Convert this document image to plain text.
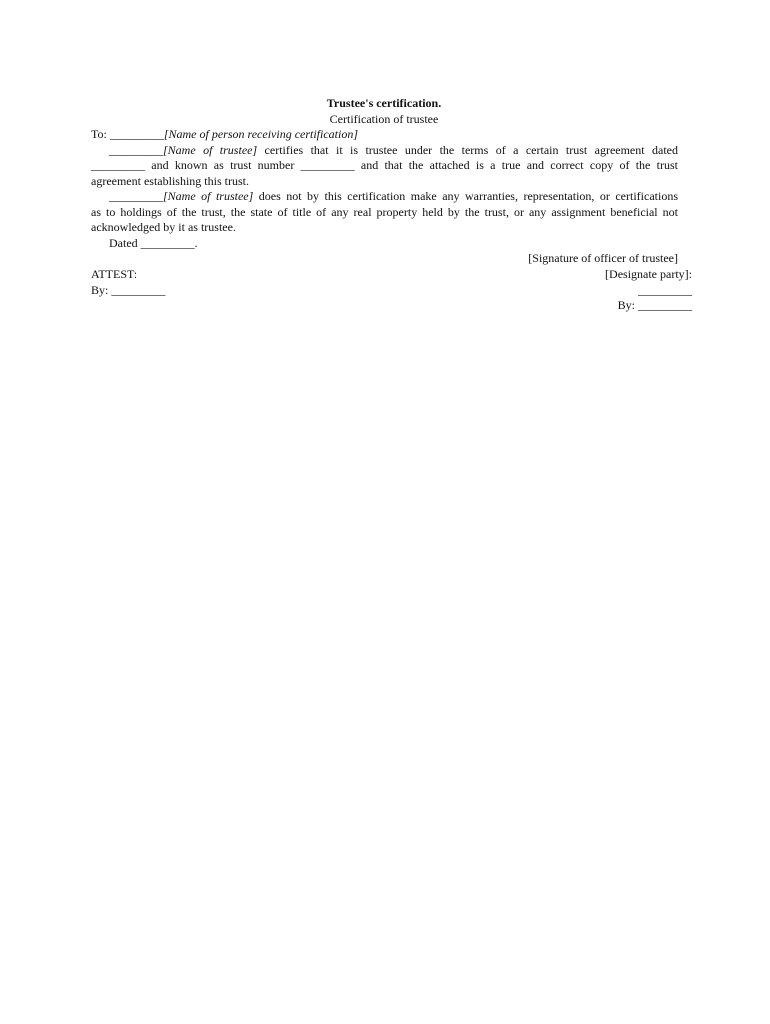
Trustee's certification.
Certification of trustee
To: _________[Name of person receiving certification]
_________[Name of trustee] certifies that it is trustee under the terms of a certain trust agreement dated
_________ and known as trust number _________ and that the attached is a true and correct copy of the trust
agreement establishing this trust.
_________[Name of trustee] does not by this certification make any warranties, representation, or certifications
as to holdings of the trust, the state of title of any real property held by the trust, or any assignment beneficial not
acknowledged by it as trustee.
Dated _________.
[Signature of officer of trustee]
ATTEST:	[Designate party]:
By: _________	_________
By: _________
